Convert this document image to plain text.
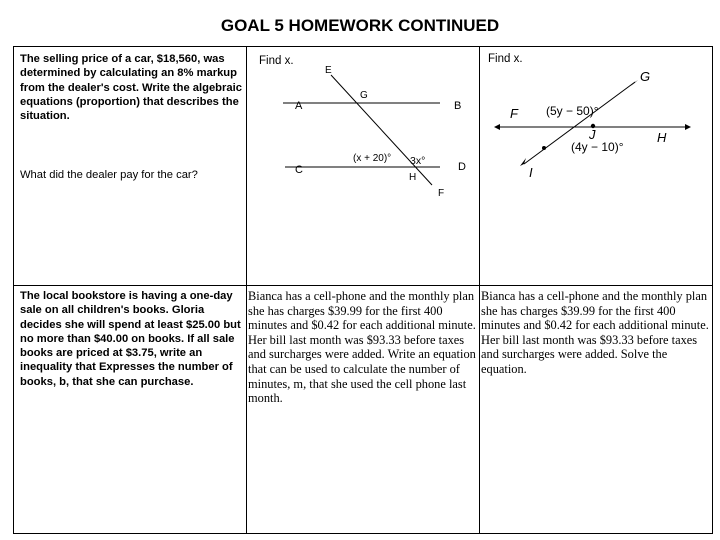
GOAL 5 HOMEWORK CONTINUED
The selling price of a car, $18,560, was determined by calculating an 8% markup from the dealer's cost. Write the algebraic equations (proportion) that describes the situation.
What did the dealer pay for the car?
Find x.
E
A
G
B
C
H
D
F
(x + 20)° 3x°
Find x.
G
F
J	H
I
(5y − 50)°
(4y − 10)°
The local bookstore is having a one-day sale on all children's books. Gloria decides she will spend at least $25.00 but no more than $40.00 on books. If all sale books are priced at $3.75, write an inequality that Expresses the number of books, b, that she can purchase.
Bianca has a cell-phone and the monthly plan she has charges $39.99 for the first 400 minutes and $0.42 for each additional minute. Her bill last month was $93.33 before taxes and surcharges were added. Write an equation that can be used to calculate the number of minutes, m, that she used the cell phone last month.
Bianca has a cell-phone and the monthly plan she has charges $39.99 for the first 400 minutes and $0.42 for each additional minute. Her bill last month was $93.33 before taxes and surcharges were added. Solve the equation.
